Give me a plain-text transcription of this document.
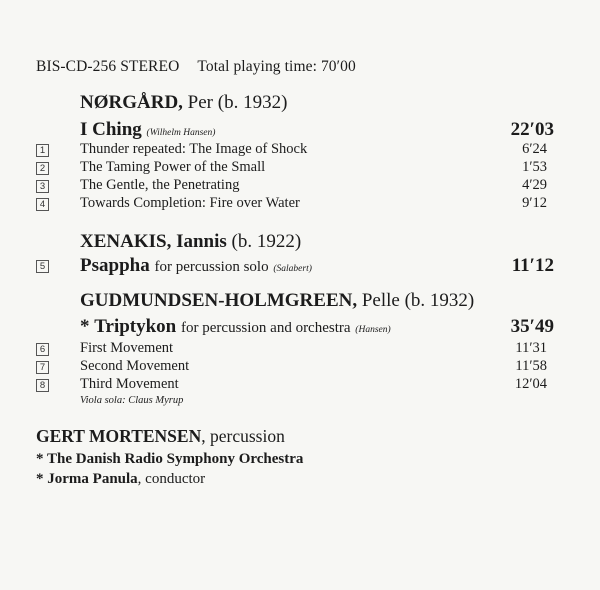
BIS-CD-256 STEREO Total playing time: 70′00
NØRGÅRD, Per (b. 1932)
I Ching (Wilhelm Hansen)	22′03
1 Thunder repeated: The Image of Shock	6′24
2 The Taming Power of the Small	1′53
3 The Gentle, the Penetrating	4′29
4 Towards Completion: Fire over Water	9′12
XENAKIS, Iannis (b. 1922)
5 Psappha for percussion solo (Salabert)	11′12
GUDMUNDSEN-HOLMGREEN, Pelle (b. 1932)
* Triptykon for percussion and orchestra (Hansen)	35′49
6 First Movement	11′31
7 Second Movement	11′58
8 Third Movement	12′04
Viola sola: Claus Myrup
GERT MORTENSEN, percussion
* The Danish Radio Symphony Orchestra
* Jorma Panula, conductor
